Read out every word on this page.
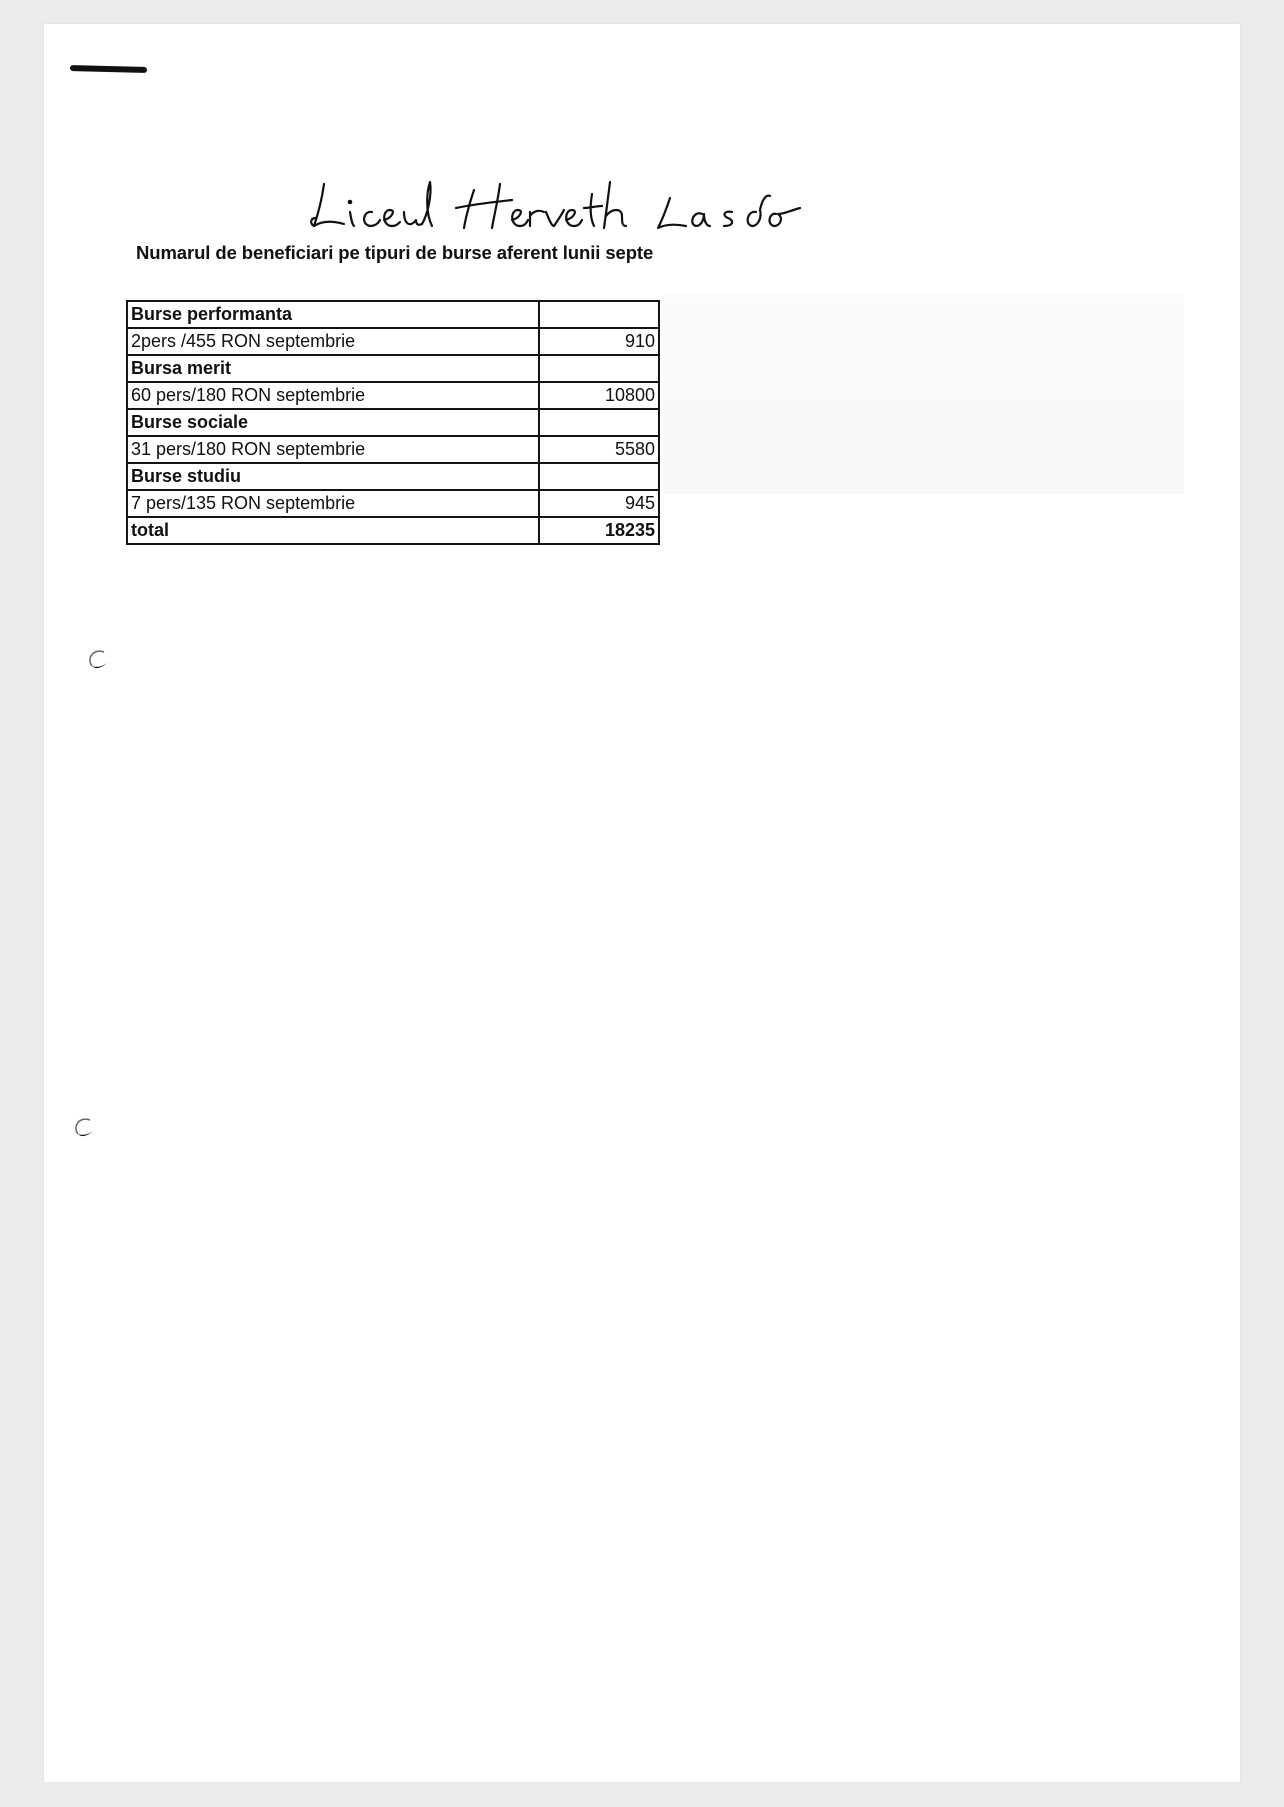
Numarul de beneficiari pe tipuri de burse aferent lunii septe
Burse performanta	
2pers /455 RON septembrie	910
Bursa merit	
60 pers/180 RON septembrie	10800
Burse sociale	
31 pers/180 RON septembrie	5580
Burse studiu	
7 pers/135 RON septembrie	945
total	18235
